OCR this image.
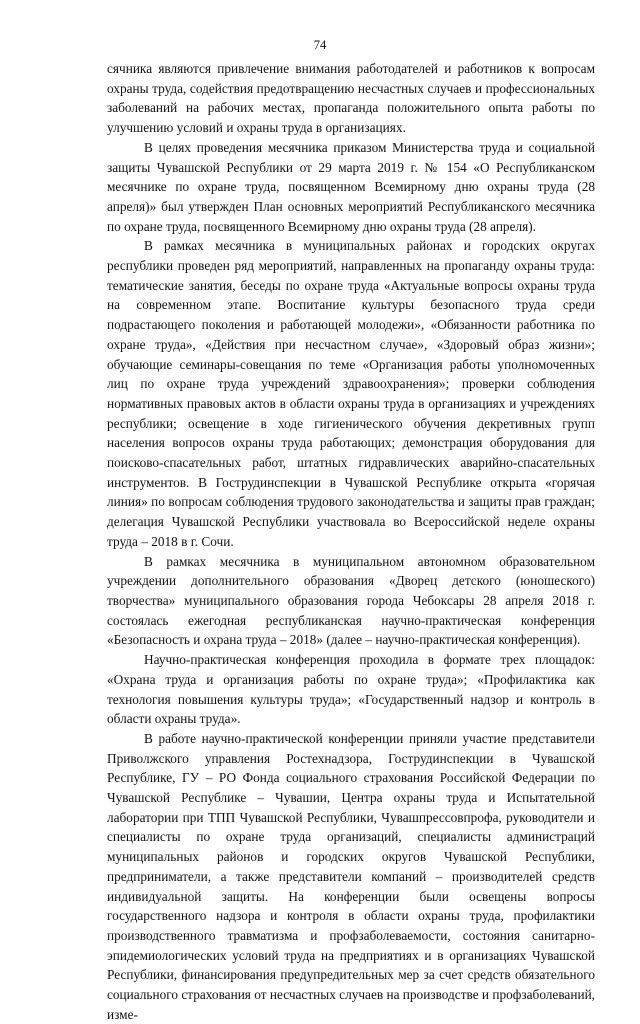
74

сячника являются привлечение внимания работодателей и работников к вопросам охраны труда, содействия предотвращению несчастных случаев и профессиональных заболеваний на рабочих местах, пропаганда положительного опыта работы по улучшению условий и охраны труда в организациях.

В целях проведения месячника приказом Министерства труда и социальной защиты Чувашской Республики от 29 марта 2019 г. № 154 «О Республиканском месячнике по охране труда, посвященном Всемирному дню охраны труда (28 апреля)» был утвержден План основных мероприятий Республиканского месячника по охране труда, посвященного Всемирному дню охраны труда (28 апреля).

В рамках месячника в муниципальных районах и городских округах республики проведен ряд мероприятий, направленных на пропаганду охраны труда: тематические занятия, беседы по охране труда «Актуальные вопросы охраны труда на современном этапе. Воспитание культуры безопасного труда среди подрастающего поколения и работающей молодежи», «Обязанности работника по охране труда», «Действия при несчастном случае», «Здоровый образ жизни»; обучающие семинары-совещания по теме «Организация работы уполномоченных лиц по охране труда учреждений здравоохранения»; проверки соблюдения нормативных правовых актов в области охраны труда в организациях и учреждениях республики; освещение в ходе гигиенического обучения декретивных групп населения вопросов охраны труда работающих; демонстрация оборудования для поисково-спасательных работ, штатных гидравлических аварийно-спасательных инструментов. В Гострудинспекции в Чувашской Республике открыта «горячая линия» по вопросам соблюдения трудового законодательства и защиты прав граждан; делегация Чувашской Республики участвовала во Всероссийской неделе охраны труда – 2018 в г. Сочи.

В рамках месячника в муниципальном автономном образовательном учреждении дополнительного образования «Дворец детского (юношеского) творчества» муниципального образования города Чебоксары 28 апреля 2018 г. состоялась ежегодная республиканская научно-практическая конференция «Безопасность и охрана труда – 2018» (далее – научно-практическая конференция).

Научно-практическая конференция проходила в формате трех площадок: «Охрана труда и организация работы по охране труда»; «Профилактика как технология повышения культуры труда»; «Государственный надзор и контроль в области охраны труда».

В работе научно-практической конференции приняли участие представители Приволжского управления Ростехнадзора, Гострудинспекции в Чувашской Республике, ГУ – РО Фонда социального страхования Российской Федерации по Чувашской Республике – Чувашии, Центра охраны труда и Испытательной лаборатории при ТПП Чувашской Республики, Чувашпрессовпрофа, руководители и специалисты по охране труда организаций, специалисты администраций муниципальных районов и городских округов Чувашской Республики, предприниматели, а также представители компаний – производителей средств индивидуальной защиты. На конференции были освещены вопросы государственного надзора и контроля в области охраны труда, профилактики производственного травматизма и профзаболеваемости, состояния санитарно-эпидемиологических условий труда на предприятиях и в организациях Чувашской Республики, финансирования предупредительных мер за счет средств обязательного социального страхования от несчастных случаев на производстве и профзаболеваний, изме-
